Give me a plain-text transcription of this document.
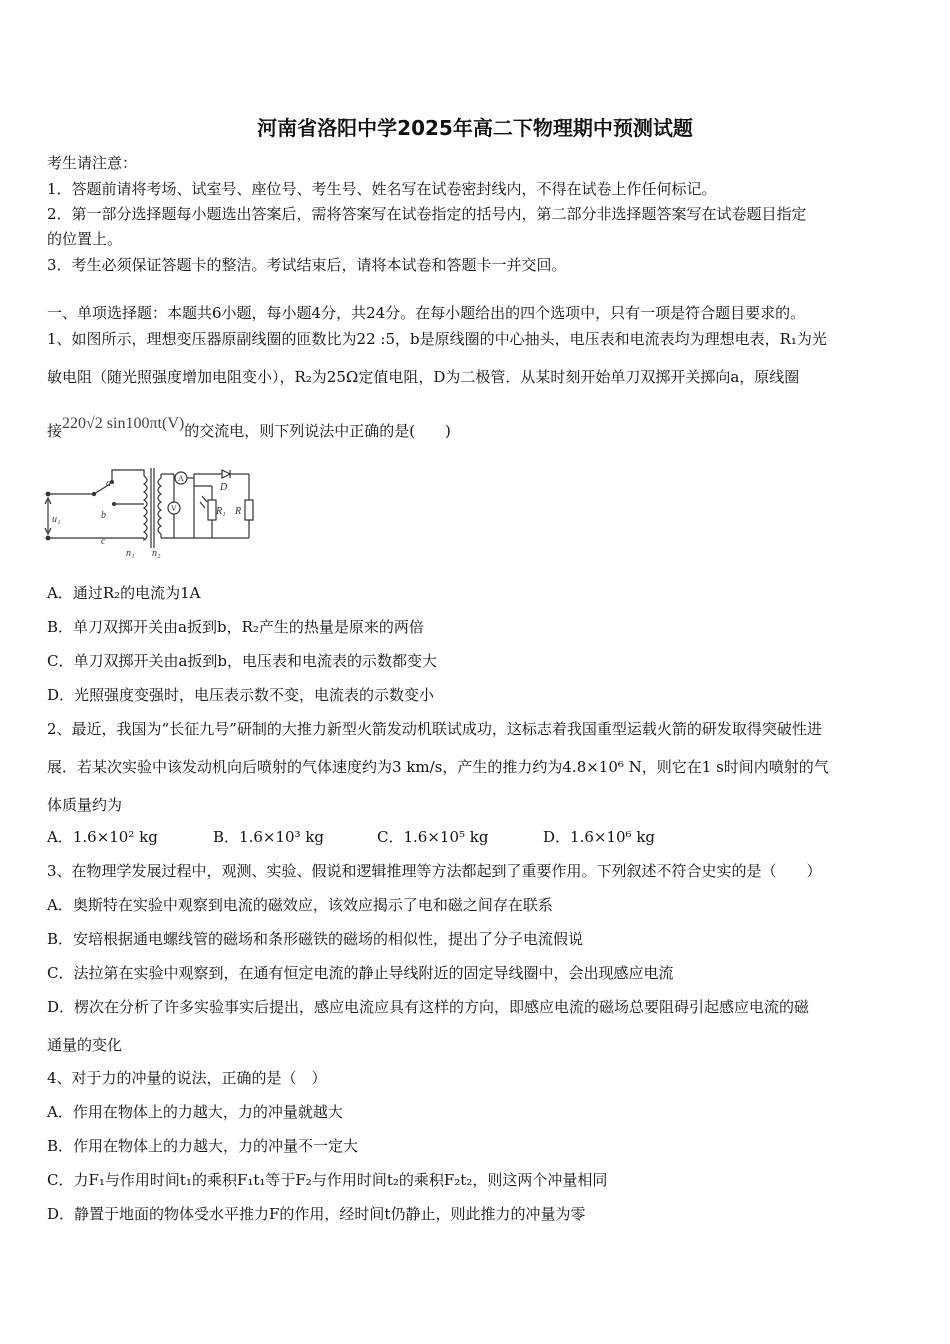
河南省洛阳中学2025年高二下物理期中预测试题
考生请注意：
1．答题前请将考场、试室号、座位号、考生号、姓名写在试卷密封线内，不得在试卷上作任何标记。
2．第一部分选择题每小题选出答案后，需将答案写在试卷指定的括号内，第二部分非选择题答案写在试卷题目指定
的位置上。
3．考生必须保证答题卡的整洁。考试结束后，请将本试卷和答题卡一并交回。
一、单项选择题：本题共6小题，每小题4分，共24分。在每小题给出的四个选项中，只有一项是符合题目要求的。
1、如图所示，理想变压器原副线圈的匝数比为22 :5，b是原线圈的中心抽头，电压表和电流表均为理想电表，R₁为光
敏电阻（随光照强度增加电阻变小），R₂为25Ω定值电阻，D为二极管．从某时刻开始单刀双掷开关掷向a，原线圈
接220√2 sin100πt(V)的交流电，则下列说法中正确的是(　　)
a
b
c
u₁
n₁ n₂
D
R₁ R
A
V
A．通过R₂的电流为1A
B．单刀双掷开关由a扳到b，R₂产生的热量是原来的两倍
C．单刀双掷开关由a扳到b，电压表和电流表的示数都变大
D．光照强度变强时，电压表示数不变，电流表的示数变小
2、最近，我国为“长征九号”研制的大推力新型火箭发动机联试成功，这标志着我国重型运载火箭的研发取得突破性进
展．若某次实验中该发动机向后喷射的气体速度约为3 km/s，产生的推力约为4.8×10⁶ N，则它在1 s时间内喷射的气
体质量约为
A．1.6×10² kg	B．1.6×10³ kg	C．1.6×10⁵ kg	D．1.6×10⁶ kg
3、在物理学发展过程中，观测、实验、假说和逻辑推理等方法都起到了重要作用。下列叙述不符合史实的是（　　）
A．奥斯特在实验中观察到电流的磁效应，该效应揭示了电和磁之间存在联系
B．安培根据通电螺线管的磁场和条形磁铁的磁场的相似性，提出了分子电流假说
C．法拉第在实验中观察到，在通有恒定电流的静止导线附近的固定导线圈中，会出现感应电流
D．楞次在分析了许多实验事实后提出，感应电流应具有这样的方向，即感应电流的磁场总要阻碍引起感应电流的磁
通量的变化
4、对于力的冲量的说法，正确的是（　）
A．作用在物体上的力越大，力的冲量就越大
B．作用在物体上的力越大，力的冲量不一定大
C．力F₁与作用时间t₁的乘积F₁t₁等于F₂与作用时间t₂的乘积F₂t₂，则这两个冲量相同
D．静置于地面的物体受水平推力F的作用，经时间t仍静止，则此推力的冲量为零
